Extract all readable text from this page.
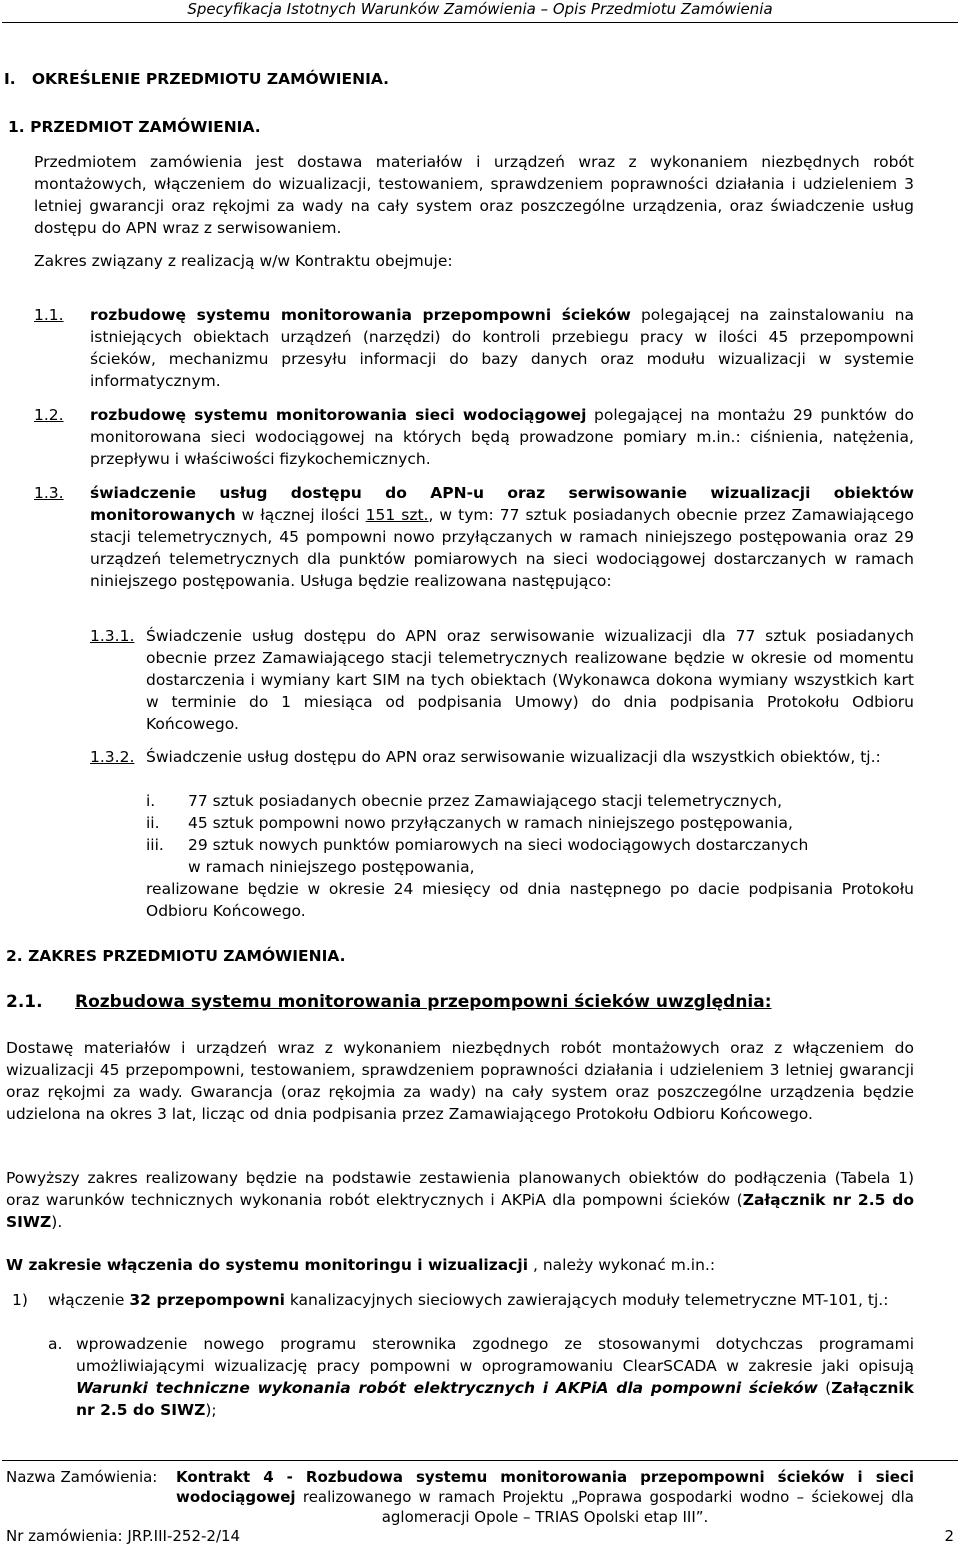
Specyfikacja Istotnych Warunków Zamówienia – Opis Przedmiotu Zamówienia
I. OKREŚLENIE PRZEDMIOTU ZAMÓWIENIA.
1. PRZEDMIOT ZAMÓWIENIA.
Przedmiotem zamówienia jest dostawa materiałów i urządzeń wraz z wykonaniem niezbędnych robót montażowych, włączeniem do wizualizacji, testowaniem, sprawdzeniem poprawności działania i udzieleniem 3 letniej gwarancji oraz rękojmi za wady na cały system oraz poszczególne urządzenia, oraz świadczenie usług dostępu do APN wraz z serwisowaniem.
Zakres związany z realizacją w/w Kontraktu obejmuje:
1.1. rozbudowę systemu monitorowania przepompowni ścieków polegającej na zainstalowaniu na istniejących obiektach urządzeń (narzędzi) do kontroli przebiegu pracy w ilości 45 przepompowni ścieków, mechanizmu przesyłu informacji do bazy danych oraz modułu wizualizacji w systemie informatycznym.
1.2. rozbudowę systemu monitorowania sieci wodociągowej polegającej na montażu 29 punktów do monitorowana sieci wodociągowej na których będą prowadzone pomiary m.in.: ciśnienia, natężenia, przepływu i właściwości fizykochemicznych.
1.3. świadczenie usług dostępu do APN-u oraz serwisowanie wizualizacji obiektów monitorowanych w łącznej ilości 151 szt., w tym: 77 sztuk posiadanych obecnie przez Zamawiającego stacji telemetrycznych, 45 pompowni nowo przyłączanych w ramach niniejszego postępowania oraz 29 urządzeń telemetrycznych dla punktów pomiarowych na sieci wodociągowej dostarczanych w ramach niniejszego postępowania. Usługa będzie realizowana następująco:
1.3.1. Świadczenie usług dostępu do APN oraz serwisowanie wizualizacji dla 77 sztuk posiadanych obecnie przez Zamawiającego stacji telemetrycznych realizowane będzie w okresie od momentu dostarczenia i wymiany kart SIM na tych obiektach (Wykonawca dokona wymiany wszystkich kart w terminie do 1 miesiąca od podpisania Umowy) do dnia podpisania Protokołu Odbioru Końcowego.
1.3.2. Świadczenie usług dostępu do APN oraz serwisowanie wizualizacji dla wszystkich obiektów, tj.:
i. 77 sztuk posiadanych obecnie przez Zamawiającego stacji telemetrycznych,
ii. 45 sztuk pompowni nowo przyłączanych w ramach niniejszego postępowania,
iii. 29 sztuk nowych punktów pomiarowych na sieci wodociągowych dostarczanych
w ramach niniejszego postępowania,
realizowane będzie w okresie 24 miesięcy od dnia następnego po dacie podpisania Protokołu Odbioru Końcowego.
2. ZAKRES PRZEDMIOTU ZAMÓWIENIA.
2.1. Rozbudowa systemu monitorowania przepompowni ścieków uwzględnia:
Dostawę materiałów i urządzeń wraz z wykonaniem niezbędnych robót montażowych oraz z włączeniem do wizualizacji 45 przepompowni, testowaniem, sprawdzeniem poprawności działania i udzieleniem 3 letniej gwarancji oraz rękojmi za wady. Gwarancja (oraz rękojmia za wady) na cały system oraz poszczególne urządzenia będzie udzielona na okres 3 lat, licząc od dnia podpisania przez Zamawiającego Protokołu Odbioru Końcowego.
Powyższy zakres realizowany będzie na podstawie zestawienia planowanych obiektów do podłączenia (Tabela 1) oraz warunków technicznych wykonania robót elektrycznych i AKPiA dla pompowni ścieków (Załącznik nr 2.5 do SIWZ).
W zakresie włączenia do systemu monitoringu i wizualizacji , należy wykonać m.in.:
1) włączenie 32 przepompowni kanalizacyjnych sieciowych zawierających moduły telemetryczne MT-101, tj.:
a. wprowadzenie nowego programu sterownika zgodnego ze stosowanymi dotychczas programami umożliwiającymi wizualizację pracy pompowni w oprogramowaniu ClearSCADA w zakresie jaki opisują Warunki techniczne wykonania robót elektrycznych i AKPiA dla pompowni ścieków (Załącznik nr 2.5 do SIWZ);
Nazwa Zamówienia: Kontrakt 4 - Rozbudowa systemu monitorowania przepompowni ścieków i sieci wodociągowej realizowanego w ramach Projektu „Poprawa gospodarki wodno – ściekowej dla aglomeracji Opole – TRIAS Opolski etap III”.
Nr zamówienia: JRP.III-252-2/14	2
